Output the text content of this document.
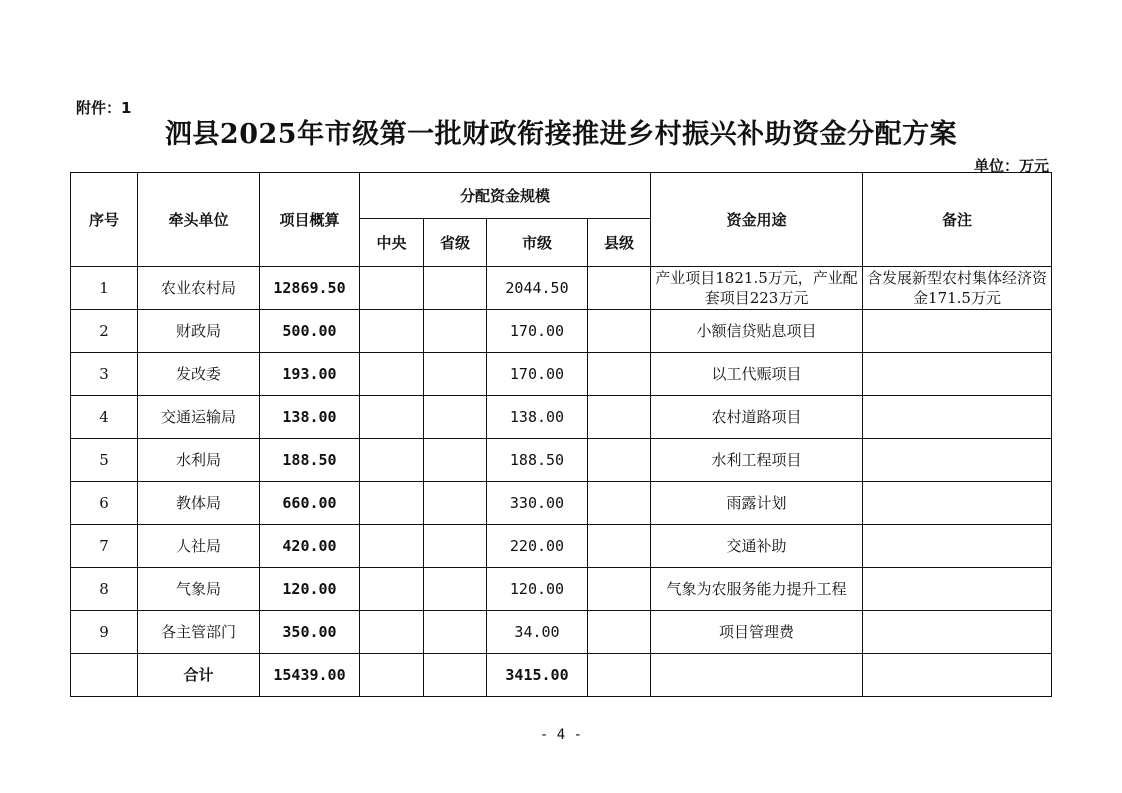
附件：1
泗县2025年市级第一批财政衔接推进乡村振兴补助资金分配方案
单位：万元
序号	牵头单位	项目概算	分配资金规模				资金用途	备注
			中央	省级	市级	县级		
1	农业农村局	12869.50			2044.50		产业项目1821.5万元，产业配套项目223万元	含发展新型农村集体经济资金171.5万元
2	财政局	500.00			170.00		小额信贷贴息项目	
3	发改委	193.00			170.00		以工代赈项目	
4	交通运输局	138.00			138.00		农村道路项目	
5	水利局	188.50			188.50		水利工程项目	
6	教体局	660.00			330.00		雨露计划	
7	人社局	420.00			220.00		交通补助	
8	气象局	120.00			120.00		气象为农服务能力提升工程	
9	各主管部门	350.00			34.00		项目管理费	
	合计	15439.00			3415.00			
- 4 -
